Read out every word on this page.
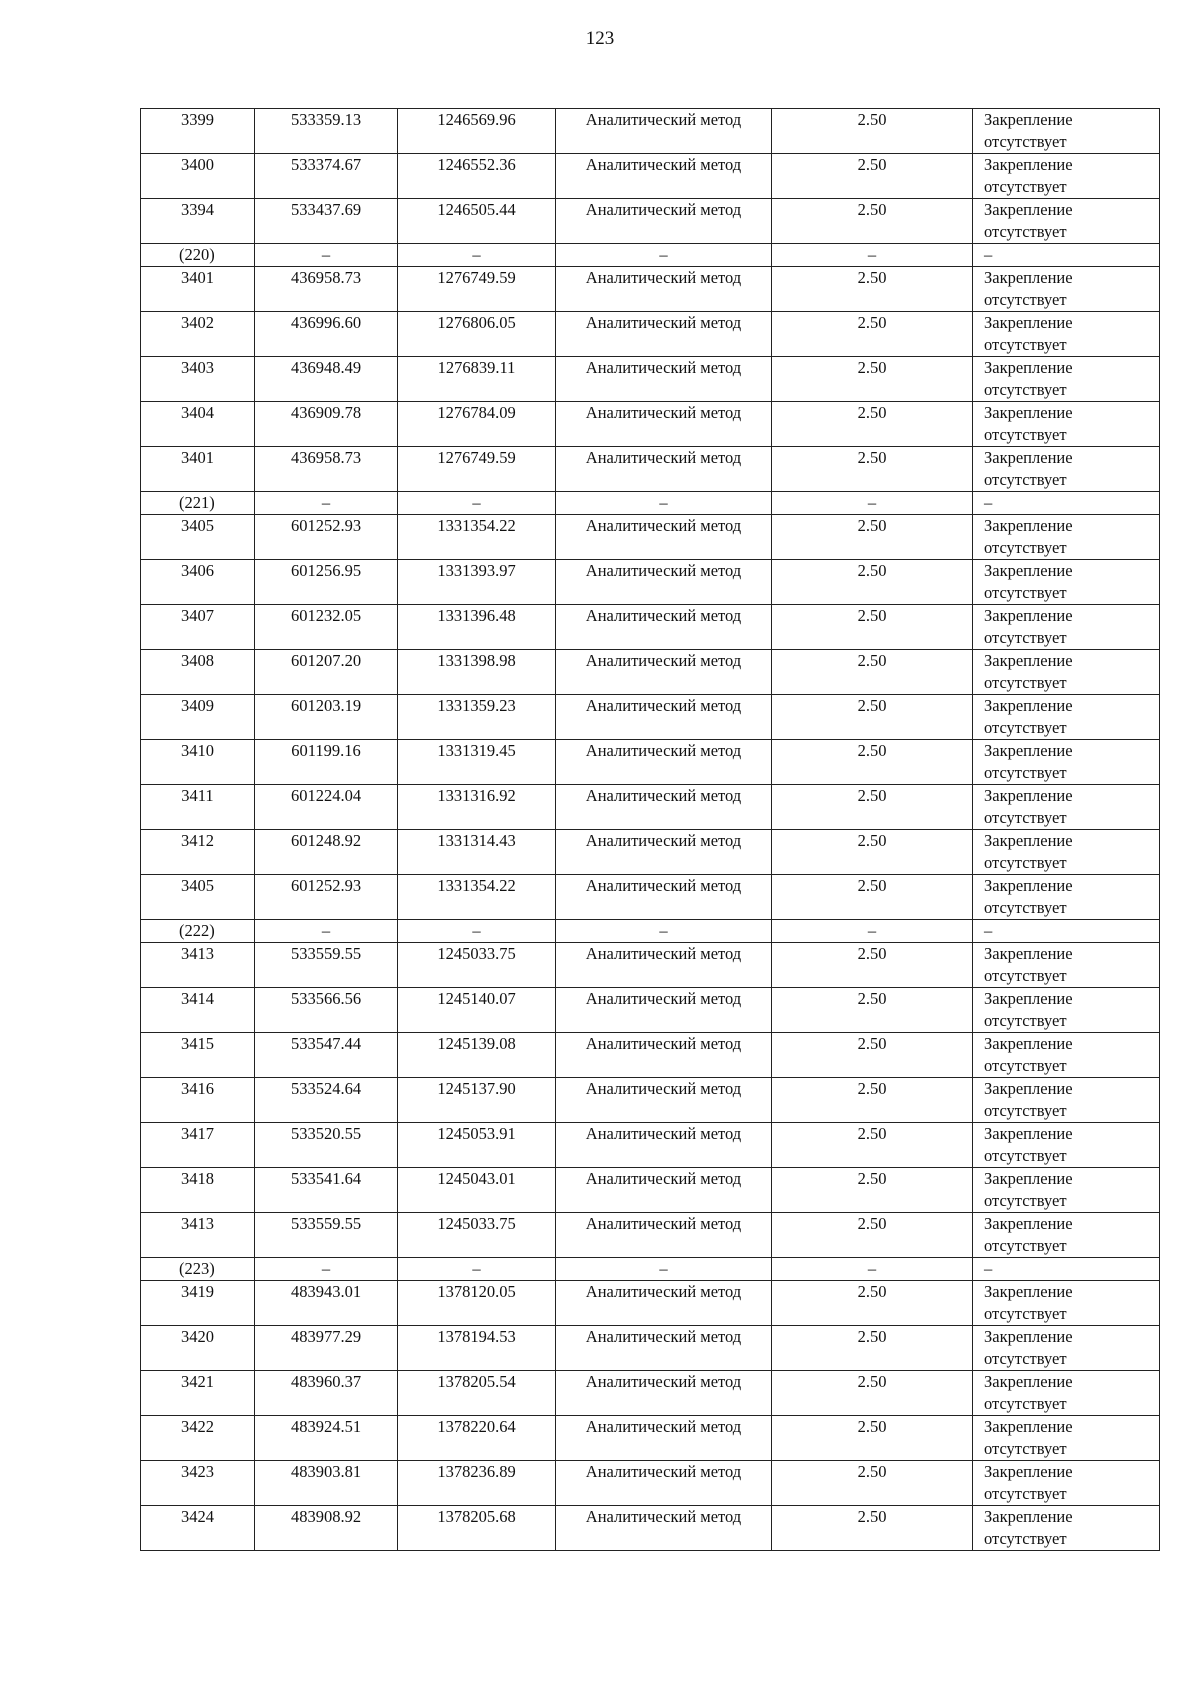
123
3399	533359.13	1246569.96	Аналитический метод	2.50	Закрепление отсутствует
3400	533374.67	1246552.36	Аналитический метод	2.50	Закрепление отсутствует
3394	533437.69	1246505.44	Аналитический метод	2.50	Закрепление отсутствует
(220)	–	–	–	–	–
3401	436958.73	1276749.59	Аналитический метод	2.50	Закрепление отсутствует
3402	436996.60	1276806.05	Аналитический метод	2.50	Закрепление отсутствует
3403	436948.49	1276839.11	Аналитический метод	2.50	Закрепление отсутствует
3404	436909.78	1276784.09	Аналитический метод	2.50	Закрепление отсутствует
3401	436958.73	1276749.59	Аналитический метод	2.50	Закрепление отсутствует
(221)	–	–	–	–	–
3405	601252.93	1331354.22	Аналитический метод	2.50	Закрепление отсутствует
3406	601256.95	1331393.97	Аналитический метод	2.50	Закрепление отсутствует
3407	601232.05	1331396.48	Аналитический метод	2.50	Закрепление отсутствует
3408	601207.20	1331398.98	Аналитический метод	2.50	Закрепление отсутствует
3409	601203.19	1331359.23	Аналитический метод	2.50	Закрепление отсутствует
3410	601199.16	1331319.45	Аналитический метод	2.50	Закрепление отсутствует
3411	601224.04	1331316.92	Аналитический метод	2.50	Закрепление отсутствует
3412	601248.92	1331314.43	Аналитический метод	2.50	Закрепление отсутствует
3405	601252.93	1331354.22	Аналитический метод	2.50	Закрепление отсутствует
(222)	–	–	–	–	–
3413	533559.55	1245033.75	Аналитический метод	2.50	Закрепление отсутствует
3414	533566.56	1245140.07	Аналитический метод	2.50	Закрепление отсутствует
3415	533547.44	1245139.08	Аналитический метод	2.50	Закрепление отсутствует
3416	533524.64	1245137.90	Аналитический метод	2.50	Закрепление отсутствует
3417	533520.55	1245053.91	Аналитический метод	2.50	Закрепление отсутствует
3418	533541.64	1245043.01	Аналитический метод	2.50	Закрепление отсутствует
3413	533559.55	1245033.75	Аналитический метод	2.50	Закрепление отсутствует
(223)	–	–	–	–	–
3419	483943.01	1378120.05	Аналитический метод	2.50	Закрепление отсутствует
3420	483977.29	1378194.53	Аналитический метод	2.50	Закрепление отсутствует
3421	483960.37	1378205.54	Аналитический метод	2.50	Закрепление отсутствует
3422	483924.51	1378220.64	Аналитический метод	2.50	Закрепление отсутствует
3423	483903.81	1378236.89	Аналитический метод	2.50	Закрепление отсутствует
3424	483908.92	1378205.68	Аналитический метод	2.50	Закрепление отсутствует
